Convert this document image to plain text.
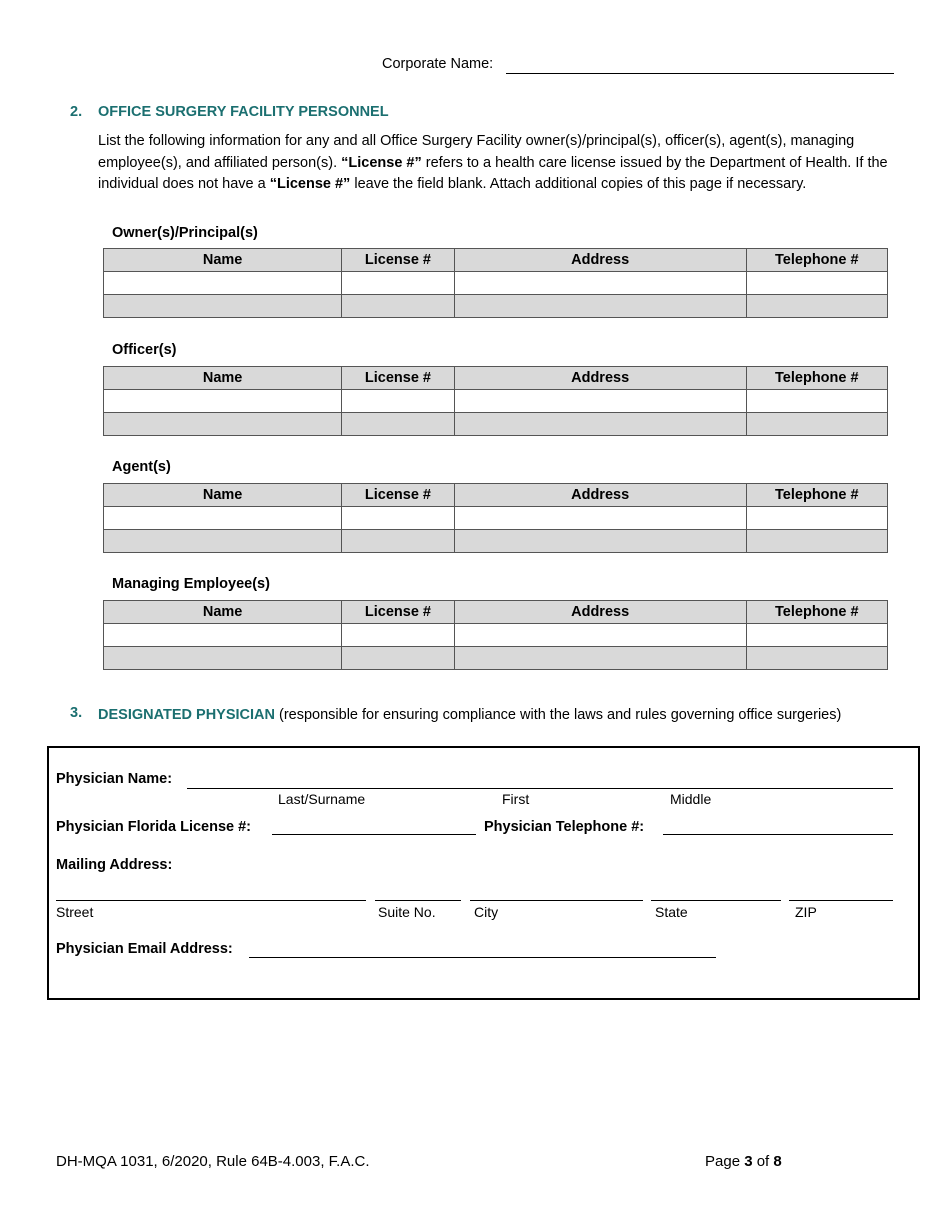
Corporate Name:
2. OFFICE SURGERY FACILITY PERSONNEL
List the following information for any and all Office Surgery Facility owner(s)/principal(s), officer(s), agent(s), managing employee(s), and affiliated person(s). “License #” refers to a health care license issued by the Department of Health. If the individual does not have a “License #” leave the field blank. Attach additional copies of this page if necessary.
Owner(s)/Principal(s)
Name	License #	Address	Telephone #

Officer(s)
Name	License #	Address	Telephone #

Agent(s)
Name	License #	Address	Telephone #

Managing Employee(s)
Name	License #	Address	Telephone #

3. DESIGNATED PHYSICIAN (responsible for ensuring compliance with the laws and rules governing office surgeries)
Physician Name:
Last/Surname	First	Middle
Physician Florida License #:	Physician Telephone #:
Mailing Address:
Street	Suite No.	City	State	ZIP
Physician Email Address:
DH-MQA 1031, 6/2020, Rule 64B-4.003, F.A.C.	Page 3 of 8
